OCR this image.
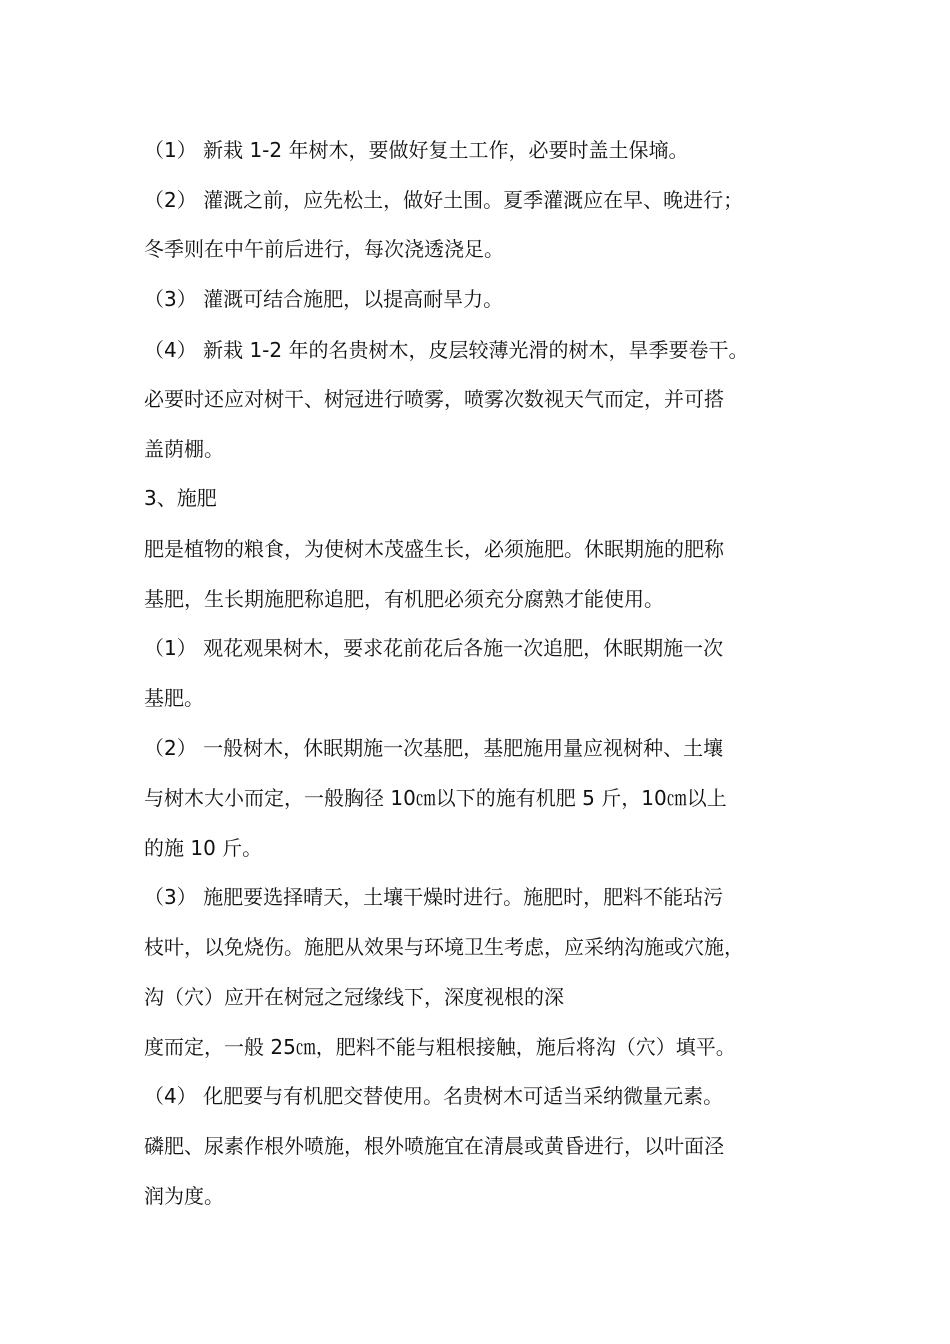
（1） 新栽 1-2 年树木，要做好复土工作，必要时盖土保墒。
（2） 灌溉之前，应先松土，做好土围。夏季灌溉应在早、晚进行；
冬季则在中午前后进行，每次浇透浇足。
（3） 灌溉可结合施肥，以提高耐旱力。
（4） 新栽 1-2 年的名贵树木，皮层较薄光滑的树木，旱季要卷干。
必要时还应对树干、树冠进行喷雾，喷雾次数视天气而定，并可搭
盖荫棚。
3、施肥
肥是植物的粮食，为使树木茂盛生长，必须施肥。休眠期施的肥称
基肥，生长期施肥称追肥，有机肥必须充分腐熟才能使用。
（1） 观花观果树木，要求花前花后各施一次追肥，休眠期施一次
基肥。
（2） 一般树木，休眠期施一次基肥，基肥施用量应视树种、土壤
与树木大小而定，一般胸径 10㎝以下的施有机肥 5 斤，10㎝以上
的施 10 斤。
（3） 施肥要选择晴天，土壤干燥时进行。施肥时，肥料不能玷污
枝叶，以免烧伤。施肥从效果与环境卫生考虑，应采纳沟施或穴施，
沟（穴）应开在树冠之冠缘线下，深度视根的深
度而定，一般 25㎝，肥料不能与粗根接触，施后将沟（穴）填平。
（4） 化肥要与有机肥交替使用。名贵树木可适当采纳微量元素。
磷肥、尿素作根外喷施，根外喷施宜在清晨或黄昏进行，以叶面泾
润为度。
